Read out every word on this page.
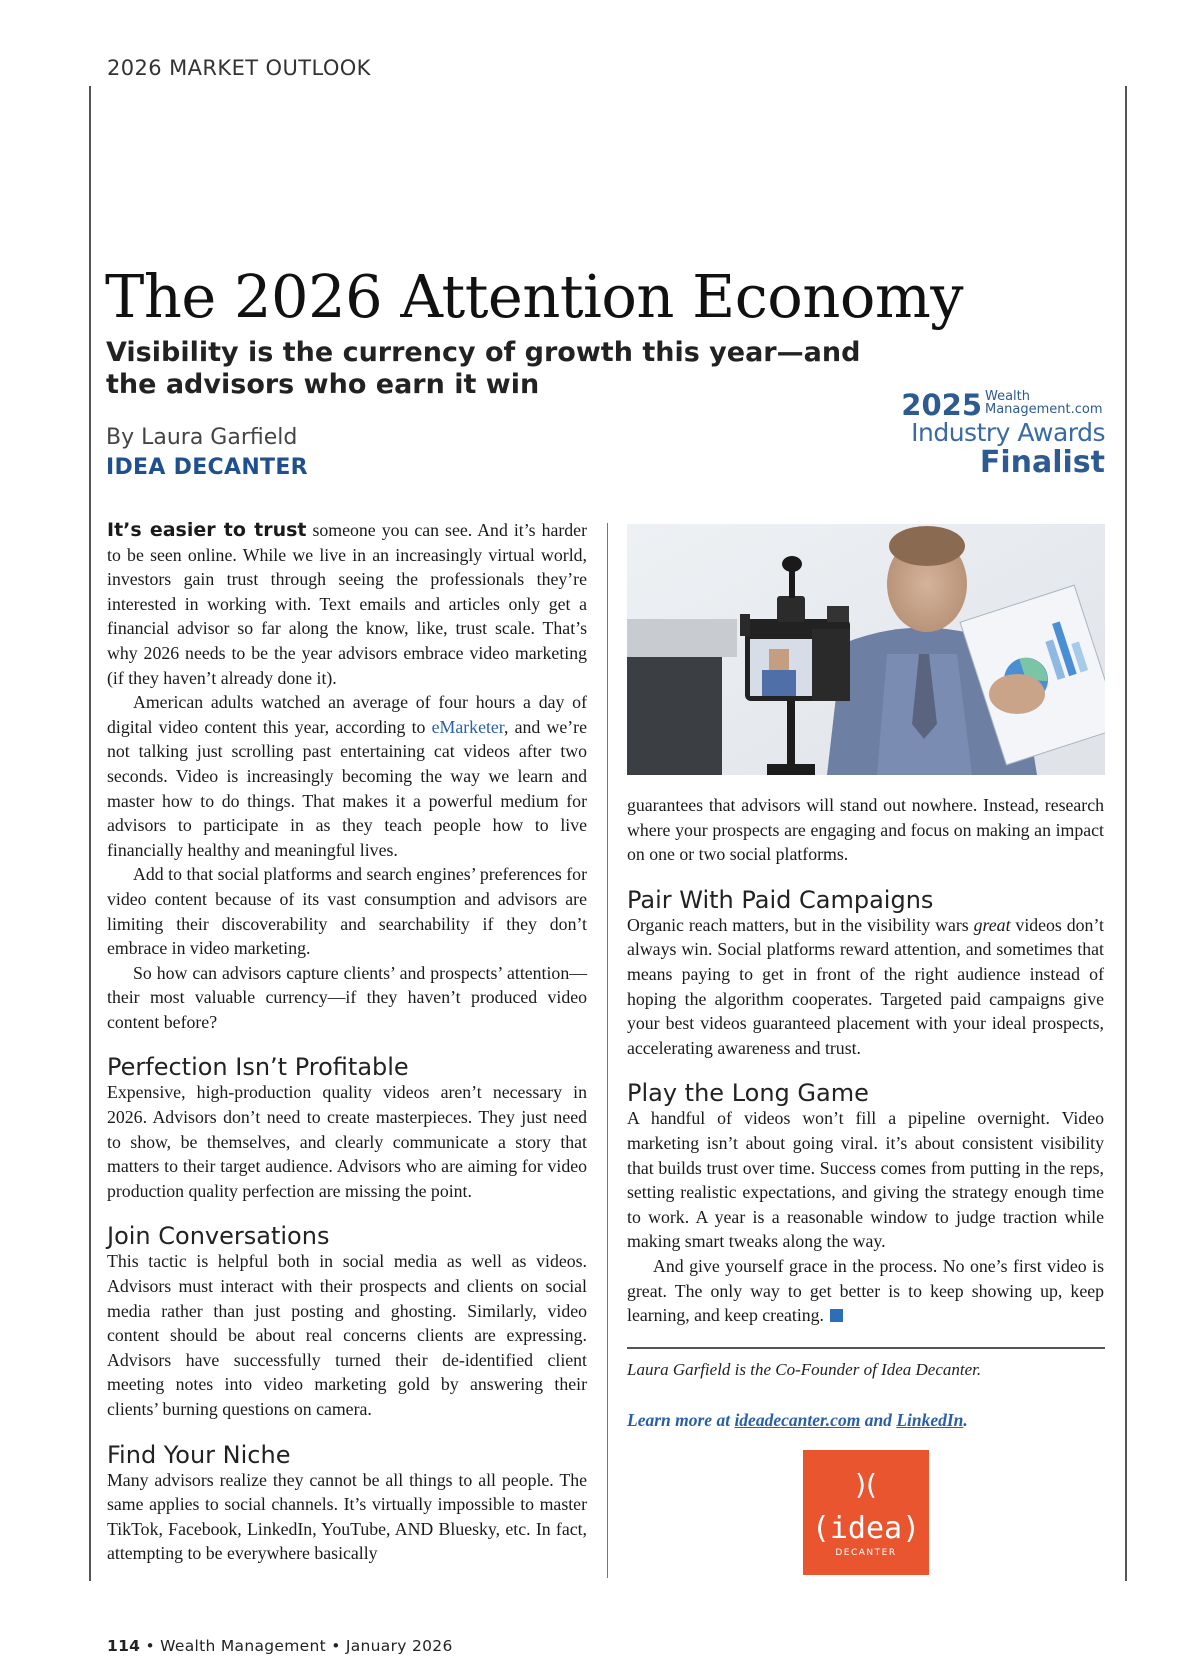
2026 MARKET OUTLOOK
The 2026 Attention Economy
Visibility is the currency of growth this year—and the advisors who earn it win
By Laura Garfield
IDEA DECANTER
2025 Wealth
Management.com
Industry Awards
Finalist

It’s easier to trust someone you can see. And it’s harder to be seen online. While we live in an increasingly virtual world, investors gain trust through seeing the professionals they’re interested in working with. Text emails and articles only get a financial advisor so far along the know, like, trust scale. That’s why 2026 needs to be the year advisors embrace video marketing (if they haven’t already done it).

American adults watched an average of four hours a day of digital video content this year, according to eMarketer, and we’re not talking just scrolling past entertaining cat videos after two seconds. Video is increasingly becoming the way we learn and master how to do things. That makes it a powerful medium for advisors to participate in as they teach people how to live financially healthy and meaningful lives.

Add to that social platforms and search engines’ preferences for video content because of its vast consumption and advisors are limiting their discoverability and searchability if they don’t embrace in video marketing.

So how can advisors capture clients’ and prospects’ attention—their most valuable currency—if they haven’t produced video content before?

Perfection Isn’t Profitable

Expensive, high-production quality videos aren’t necessary in 2026. Advisors don’t need to create masterpieces. They just need to show, be themselves, and clearly communicate a story that matters to their target audience. Advisors who are aiming for video production quality perfection are missing the point.

Join Conversations

This tactic is helpful both in social media as well as videos. Advisors must interact with their prospects and clients on social media rather than just posting and ghosting. Similarly, video content should be about real concerns clients are expressing. Advisors have successfully turned their de-identified client meeting notes into video marketing gold by answering their clients’ burning questions on camera.

Find Your Niche

Many advisors realize they cannot be all things to all people. The same applies to social channels. It’s virtually impossible to master TikTok, Facebook, LinkedIn, YouTube, AND Bluesky, etc. In fact, attempting to be everywhere basically

guarantees that advisors will stand out nowhere. Instead, research where your prospects are engaging and focus on making an impact on one or two social platforms.

Pair With Paid Campaigns

Organic reach matters, but in the visibility wars great videos don’t always win. Social platforms reward attention, and sometimes that means paying to get in front of the right audience instead of hoping the algorithm cooperates. Targeted paid campaigns give your best videos guaranteed placement with your ideal prospects, accelerating awareness and trust.

Play the Long Game

A handful of videos won’t fill a pipeline overnight. Video marketing isn’t about going viral. it’s about consistent visibility that builds trust over time. Success comes from putting in the reps, setting realistic expectations, and giving the strategy enough time to work. A year is a reasonable window to judge traction while making smart tweaks along the way.

And give yourself grace in the process. No one’s first video is great. The only way to get better is to keep showing up, keep learning, and keep creating.

Laura Garfield is the Co-Founder of Idea Decanter.
Learn more at ideadecanter.com and LinkedIn.
)(
(idea)
DECANTER
114 • Wealth Management • January 2026
